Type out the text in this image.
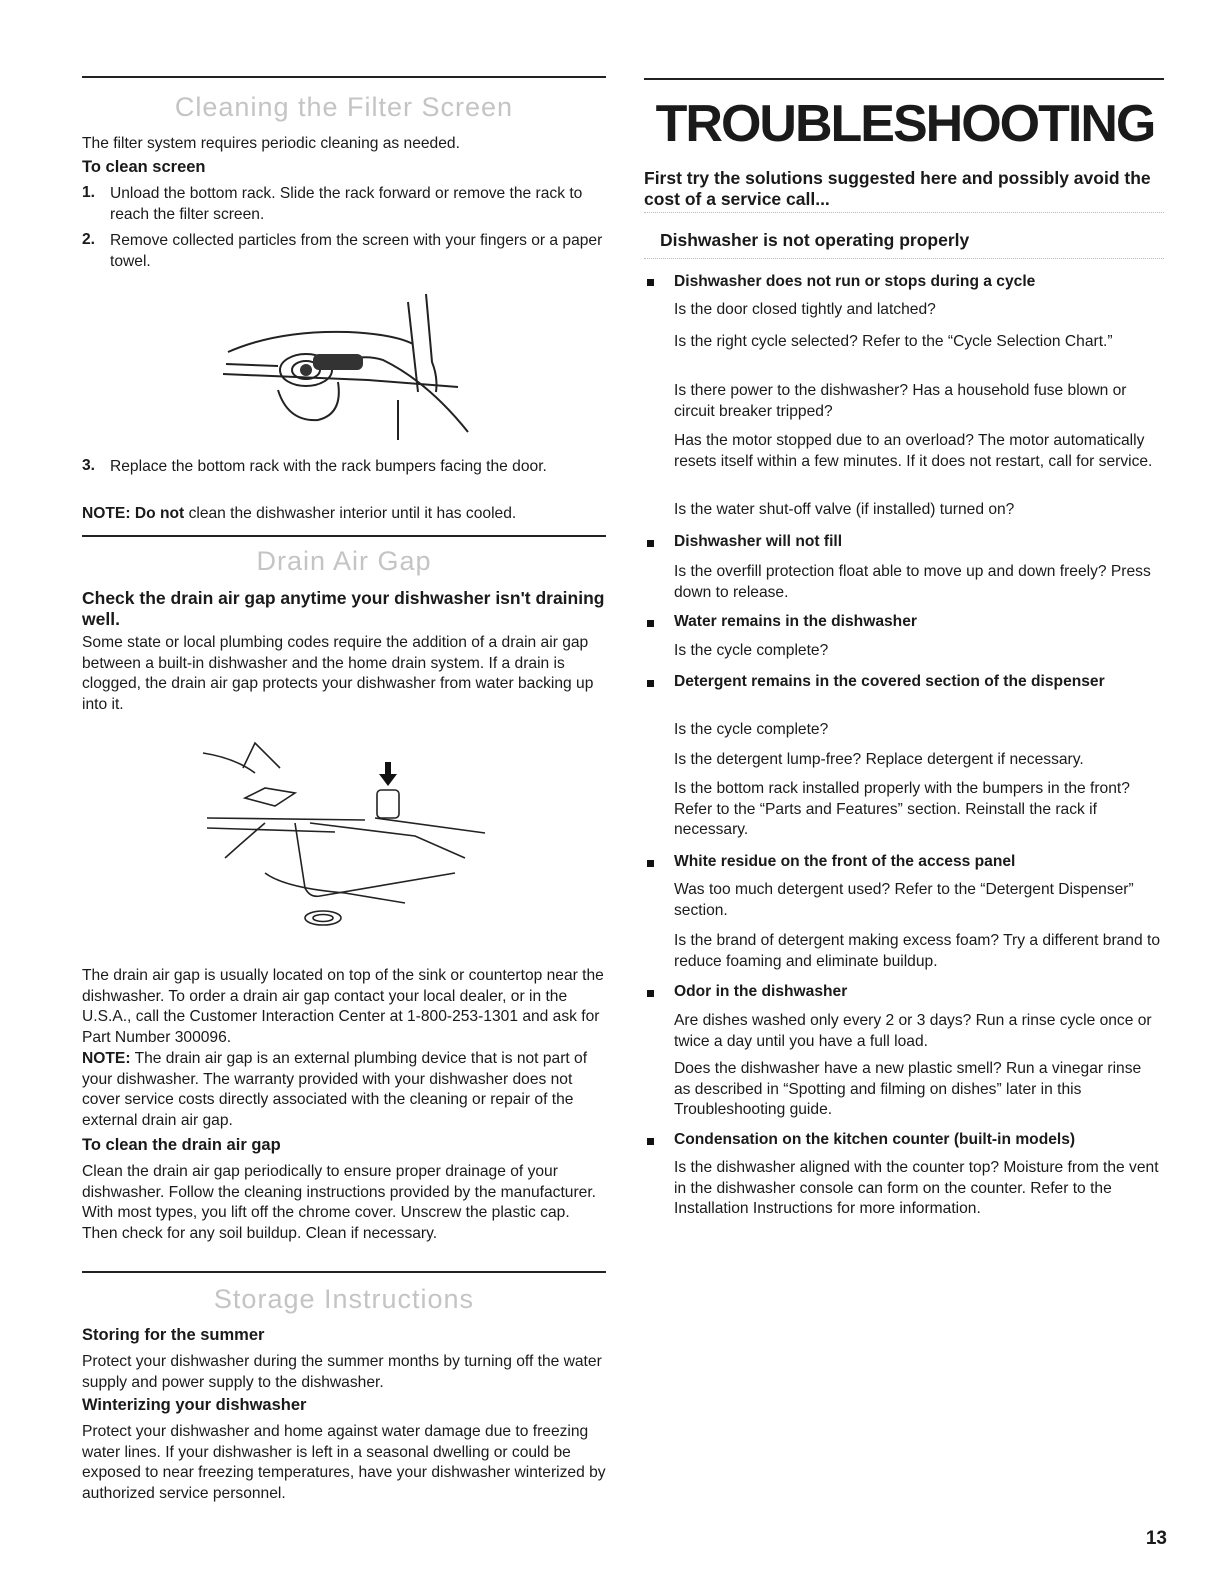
Cleaning the Filter Screen

The filter system requires periodic cleaning as needed.

To clean screen

1. Unload the bottom rack. Slide the rack forward or remove the rack to reach the filter screen.

2. Remove collected particles from the screen with your fingers or a paper towel.

3. Replace the bottom rack with the rack bumpers facing the door.

NOTE: Do not clean the dishwasher interior until it has cooled.

Drain Air Gap

Check the drain air gap anytime your dishwasher isn't draining well.

Some state or local plumbing codes require the addition of a drain air gap between a built-in dishwasher and the home drain system. If a drain is clogged, the drain air gap protects your dishwasher from water backing up into it.

The drain air gap is usually located on top of the sink or countertop near the dishwasher. To order a drain air gap contact your local dealer, or in the U.S.A., call the Customer Interaction Center at 1-800-253-1301 and ask for Part Number 300096.

NOTE: The drain air gap is an external plumbing device that is not part of your dishwasher. The warranty provided with your dishwasher does not cover service costs directly associated with the cleaning or repair of the external drain air gap.

To clean the drain air gap

Clean the drain air gap periodically to ensure proper drainage of your dishwasher. Follow the cleaning instructions provided by the manufacturer. With most types, you lift off the chrome cover. Unscrew the plastic cap. Then check for any soil buildup. Clean if necessary.

Storage Instructions

Storing for the summer

Protect your dishwasher during the summer months by turning off the water supply and power supply to the dishwasher.

Winterizing your dishwasher

Protect your dishwasher and home against water damage due to freezing water lines. If your dishwasher is left in a seasonal dwelling or could be exposed to near freezing temperatures, have your dishwasher winterized by authorized service personnel.

TROUBLESHOOTING

First try the solutions suggested here and possibly avoid the cost of a service call...

Dishwasher is not operating properly

Dishwasher does not run or stops during a cycle

Is the door closed tightly and latched?

Is the right cycle selected? Refer to the “Cycle Selection Chart.”

Is there power to the dishwasher? Has a household fuse blown or circuit breaker tripped?

Has the motor stopped due to an overload? The motor automatically resets itself within a few minutes. If it does not restart, call for service.

Is the water shut-off valve (if installed) turned on?

Dishwasher will not fill

Is the overfill protection float able to move up and down freely? Press down to release.

Water remains in the dishwasher

Is the cycle complete?

Detergent remains in the covered section of the dispenser

Is the cycle complete?

Is the detergent lump-free? Replace detergent if necessary.

Is the bottom rack installed properly with the bumpers in the front? Refer to the “Parts and Features” section. Reinstall the rack if necessary.

White residue on the front of the access panel

Was too much detergent used? Refer to the “Detergent Dispenser” section.

Is the brand of detergent making excess foam? Try a different brand to reduce foaming and eliminate buildup.

Odor in the dishwasher

Are dishes washed only every 2 or 3 days? Run a rinse cycle once or twice a day until you have a full load.

Does the dishwasher have a new plastic smell? Run a vinegar rinse as described in “Spotting and filming on dishes” later in this Troubleshooting guide.

Condensation on the kitchen counter (built-in models)

Is the dishwasher aligned with the counter top? Moisture from the vent in the dishwasher console can form on the counter. Refer to the Installation Instructions for more information.

13
